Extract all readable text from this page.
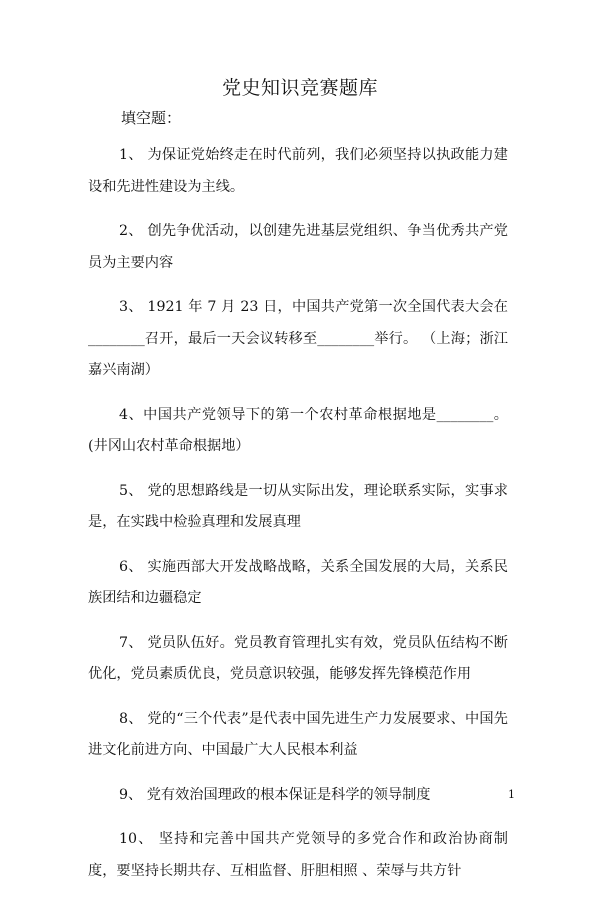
党史知识竞赛题库
填空题：

1、 为保证党始终走在时代前列，我们必须坚持以执政能力建设和先进性建设为主线。

2、 创先争优活动，以创建先进基层党组织、争当优秀共产党员为主要内容

3、 1921 年 7 月 23 日，中国共产党第一次全国代表大会在________召开，最后一天会议转移至________举行。 （上海；浙江嘉兴南湖）

4、中国共产党领导下的第一个农村革命根据地是________。(井冈山农村革命根据地）

5、 党的思想路线是一切从实际出发，理论联系实际，实事求是，在实践中检验真理和发展真理

6、 实施西部大开发战略战略，关系全国发展的大局，关系民族团结和边疆稳定

7、 党员队伍好。党员教育管理扎实有效，党员队伍结构不断优化，党员素质优良，党员意识较强，能够发挥先锋模范作用

8、 党的“三个代表”是代表中国先进生产力发展要求、中国先进文化前进方向、中国最广大人民根本利益

9、 党有效治国理政的根本保证是科学的领导制度

10、 坚持和完善中国共产党领导的多党合作和政治协商制度，要坚持长期共存、互相监督、肝胆相照 、荣辱与共方针

1
